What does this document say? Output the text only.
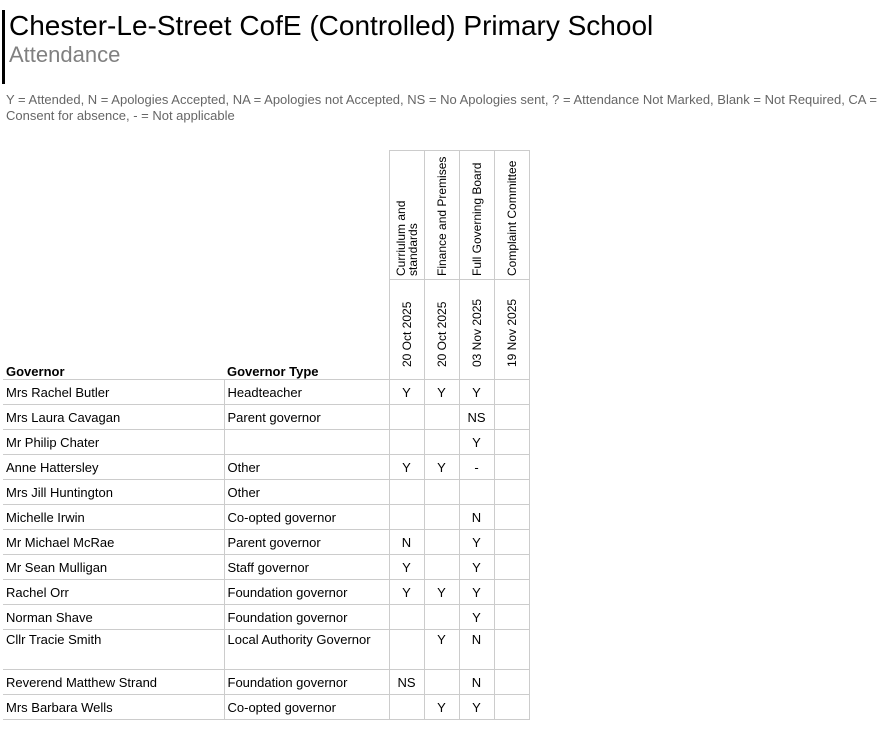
Chester-Le-Street CofE (Controlled) Primary School
Attendance
Y = Attended, N = Apologies Accepted, NA = Apologies not Accepted, NS = No Apologies sent, ? = Attendance Not Marked, Blank = Not Required, CA = Consent for absence, - = Not applicable
Governor	Governor Type	Curriulum and standards	Finance and Premises	Full Governing Board	Complaint Committee

		20 Oct 2025	20 Oct 2025	03 Nov 2025	19 Nov 2025

Mrs Rachel Butler	Headteacher	Y	Y	Y	
Mrs Laura Cavagan	Parent governor			NS	
Mr Philip Chater				Y	
Anne Hattersley	Other	Y	Y	-	
Mrs Jill Huntington	Other				
Michelle Irwin	Co-opted governor			N	
Mr Michael McRae	Parent governor	N		Y	
Mr Sean Mulligan	Staff governor	Y		Y	
Rachel Orr	Foundation governor	Y	Y	Y	
Norman Shave	Foundation governor			Y	
Cllr Tracie Smith	Local Authority Governor		Y	N	
Reverend Matthew Strand	Foundation governor	NS		N	
Mrs Barbara Wells	Co-opted governor		Y	Y	
